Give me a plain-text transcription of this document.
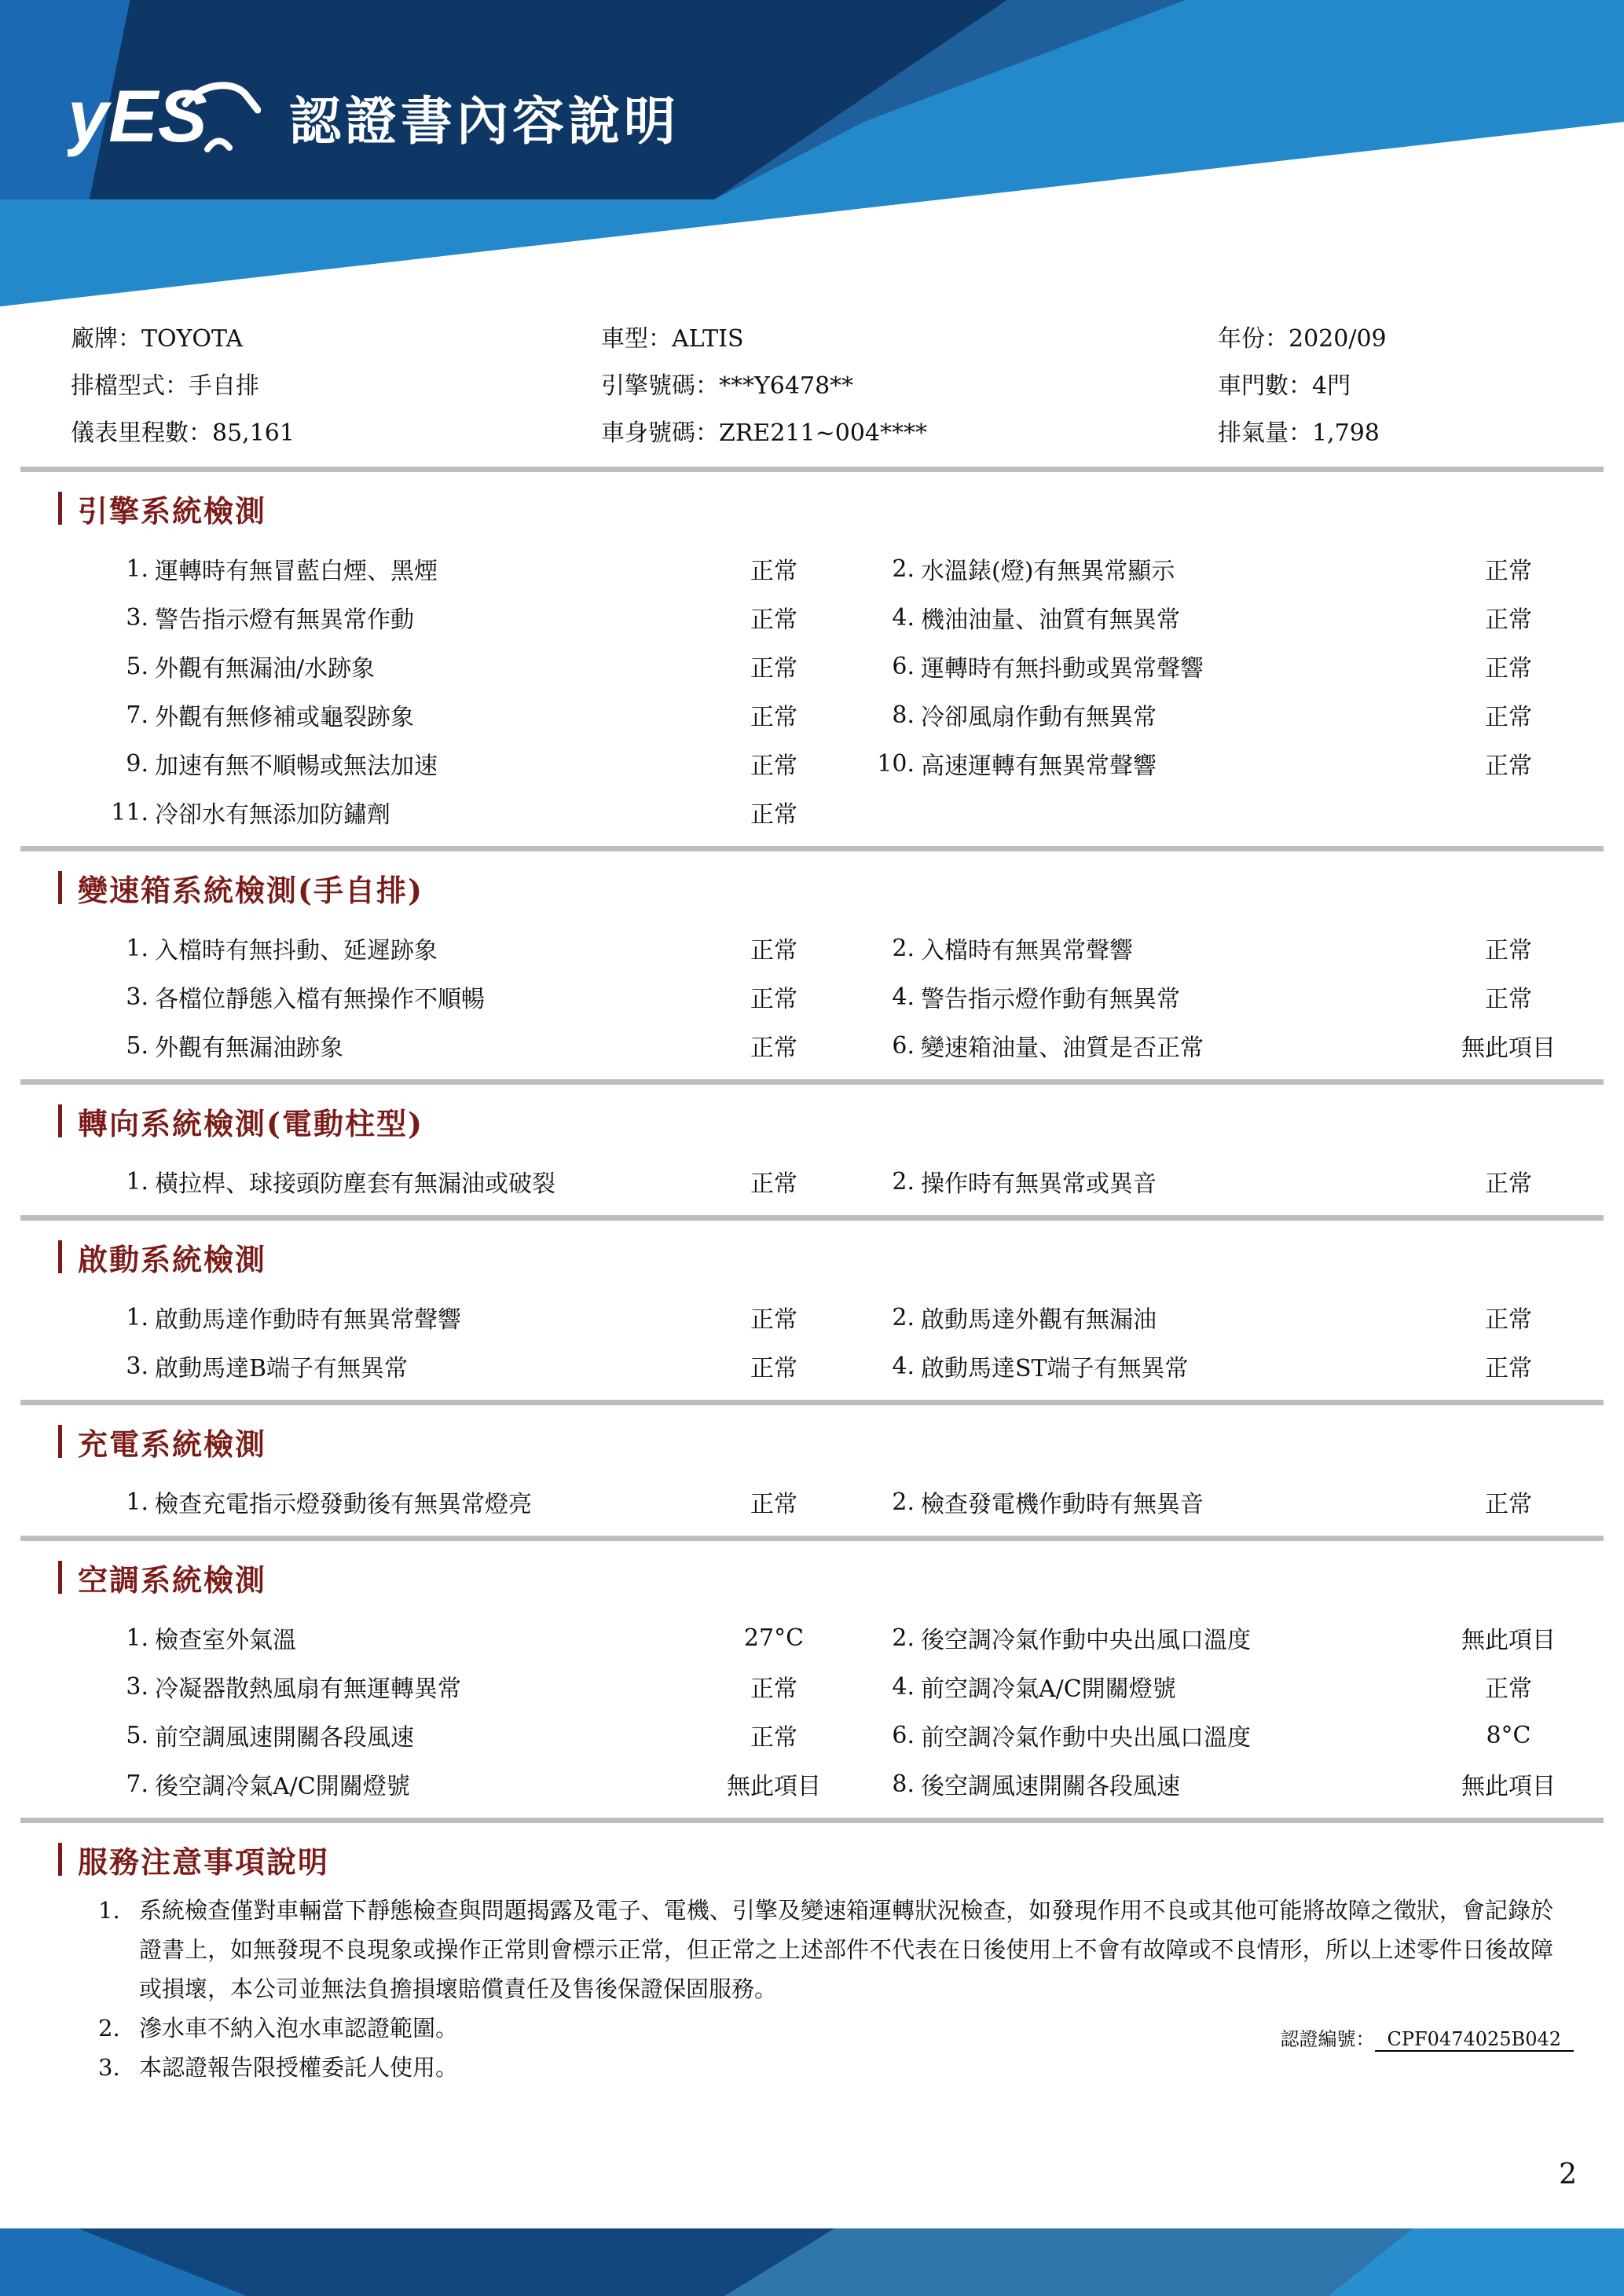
yES 認證書內容說明
廠牌：TOYOTA	車型：ALTIS	年份：2020/09
排檔型式：手自排	引擎號碼：***Y6478**	車門數：4門
儀表里程數：85,161	車身號碼：ZRE211~004****	排氣量：1,798
引擎系統檢測
1. 運轉時有無冒藍白煙、黑煙	正常	2. 水溫錶(燈)有無異常顯示	正常
3. 警告指示燈有無異常作動	正常	4. 機油油量、油質有無異常	正常
5. 外觀有無漏油/水跡象	正常	6. 運轉時有無抖動或異常聲響	正常
7. 外觀有無修補或龜裂跡象	正常	8. 冷卻風扇作動有無異常	正常
9. 加速有無不順暢或無法加速	正常	10. 高速運轉有無異常聲響	正常
11. 冷卻水有無添加防鏽劑	正常
變速箱系統檢測(手自排)
1. 入檔時有無抖動、延遲跡象	正常	2. 入檔時有無異常聲響	正常
3. 各檔位靜態入檔有無操作不順暢	正常	4. 警告指示燈作動有無異常	正常
5. 外觀有無漏油跡象	正常	6. 變速箱油量、油質是否正常	無此項目
轉向系統檢測(電動柱型)
1. 橫拉桿、球接頭防塵套有無漏油或破裂	正常	2. 操作時有無異常或異音	正常
啟動系統檢測
1. 啟動馬達作動時有無異常聲響	正常	2. 啟動馬達外觀有無漏油	正常
3. 啟動馬達B端子有無異常	正常	4. 啟動馬達ST端子有無異常	正常
充電系統檢測
1. 檢查充電指示燈發動後有無異常燈亮	正常	2. 檢查發電機作動時有無異音	正常
空調系統檢測
1. 檢查室外氣溫	27°C	2. 後空調冷氣作動中央出風口溫度	無此項目
3. 冷凝器散熱風扇有無運轉異常	正常	4. 前空調冷氣A/C開關燈號	正常
5. 前空調風速開關各段風速	正常	6. 前空調冷氣作動中央出風口溫度	8°C
7. 後空調冷氣A/C開關燈號	無此項目	8. 後空調風速開關各段風速	無此項目
服務注意事項說明
1. 系統檢查僅對車輛當下靜態檢查與問題揭露及電子、電機、引擎及變速箱運轉狀況檢查，如發現作用不良或其他可能將故障之徵狀，會記錄於證書上，如無發現不良現象或操作正常則會標示正常，但正常之上述部件不代表在日後使用上不會有故障或不良情形，所以上述零件日後故障或損壞，本公司並無法負擔損壞賠償責任及售後保證保固服務。
2. 滲水車不納入泡水車認證範圍。
3. 本認證報告限授權委託人使用。
認證編號： CPF0474025B042
2
